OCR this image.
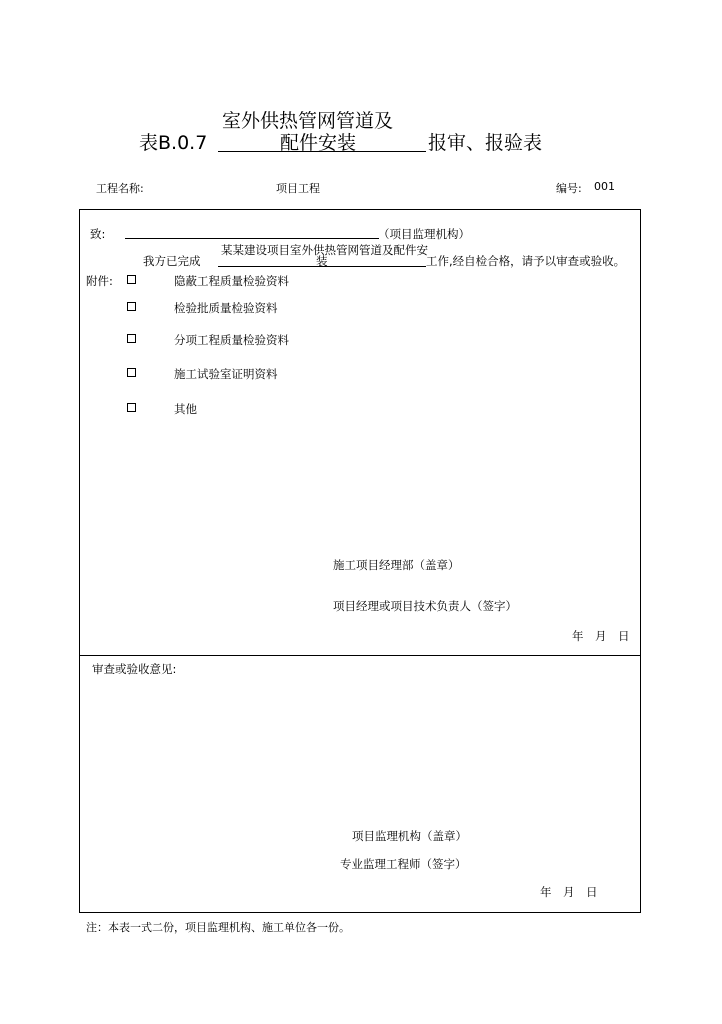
室外供热管网管道及
表B.0.7	配件安装	报审、报验表
工程名称:	项目工程	编号: 001
致:	（项目监理机构）
我方已完成
某某建设项目室外供热管网管道及配件安
装	工作,经自检合格，请予以审查或验收。
附件:	隐蔽工程质量检验资料
检验批质量检验资料
分项工程质量检验资料
施工试验室证明资料
其他
施工项目经理部（盖章）
项目经理或项目技术负责人（签字）
年　月　日
审查或验收意见:
项目监理机构（盖章）
专业监理工程师（签字）
年　月　日
注：本表一式二份，项目监理机构、施工单位各一份。
